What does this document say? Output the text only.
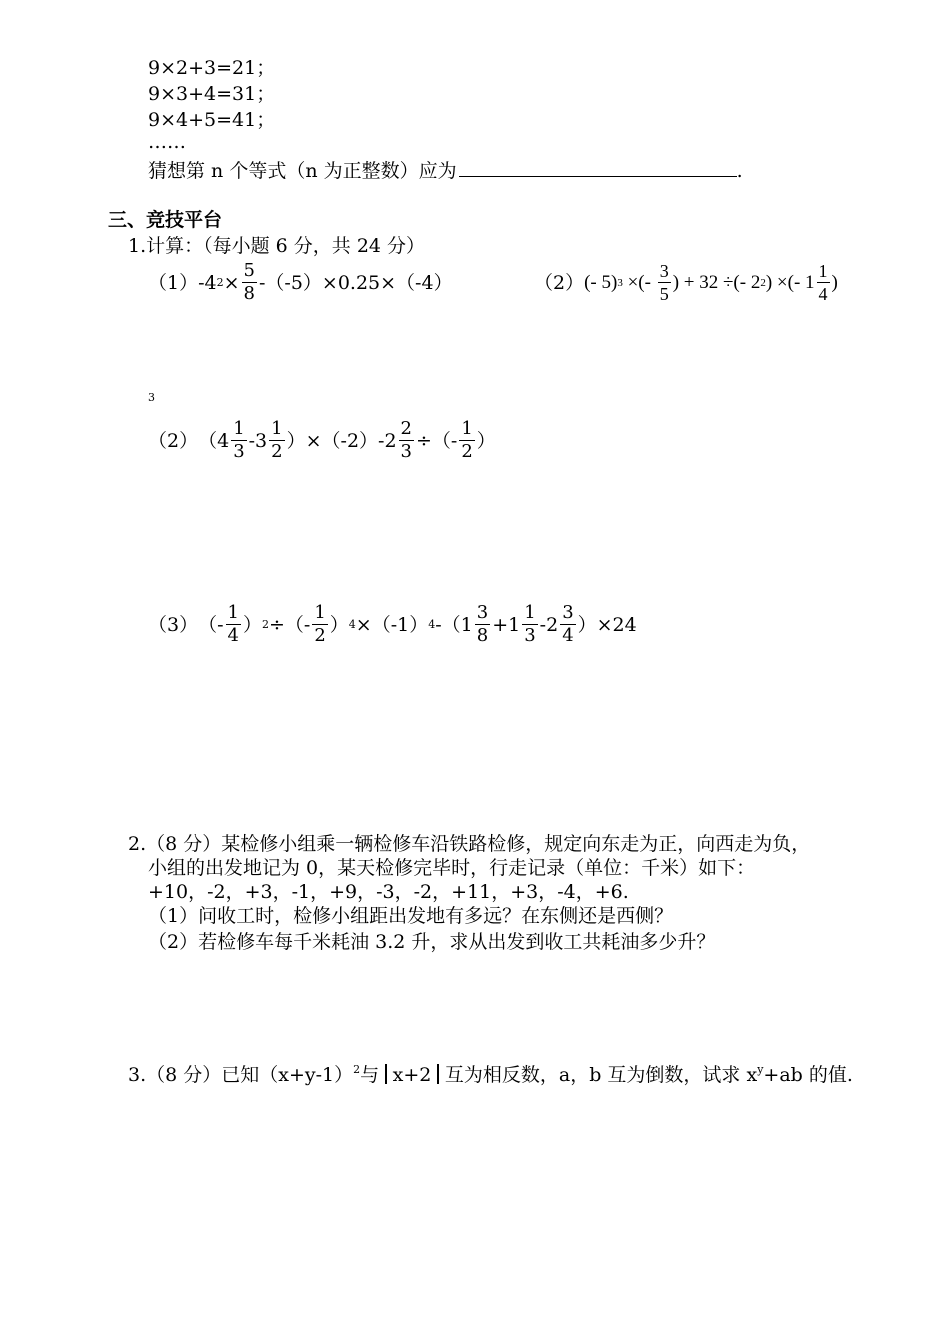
9×2+3=21；
9×3+4=31；
9×4+5=41；
……
猜想第 n 个等式（n 为正整数）应为	.
三、竞技平台
1.计算：（每小题 6 分，共 24 分）
（1） -4 $2 \times \frac{5}{8} -(-5)\times 0.25\times(-4)$	（2） (- 5) 3 ×(- $\frac{3}{5}$ ) + 32 ÷(- 2 2 ) ×(- $1 \frac{1}{4}$ )
3
（2） $(4 \frac{1}{3} -3 \frac{1}{2} )\times(-2)-2 \frac{2}{3}$ ÷（- $\frac{1}{2}$ ）
（3） （- $\frac{1}{4}$ ） 2 ÷（- $\frac{1}{2}$ ） 4 ×（-1） 4 $-(1 \frac{3}{8} +1 \frac{1}{3} -2 \frac{3}{4} )\times 24$
2.（8 分）某检修小组乘一辆检修车沿铁路检修，规定向东走为正，向西走为负，
小组的出发地记为 0，某天检修完毕时，行走记录（单位：千米）如下：
+10，-2，+3，-1，+9，-3，-2，+11，+3，-4，+6.
（1）问收工时，检修小组距出发地有多远？在东侧还是西侧？
（2）若检修车每千米耗油 3.2 升，求从出发到收工共耗油多少升？
3.（8 分）已知$(x+y-1)^2$与 x+2 互为相反数，a，b 互为倒数，试求 $x^y+ab$ 的值.
